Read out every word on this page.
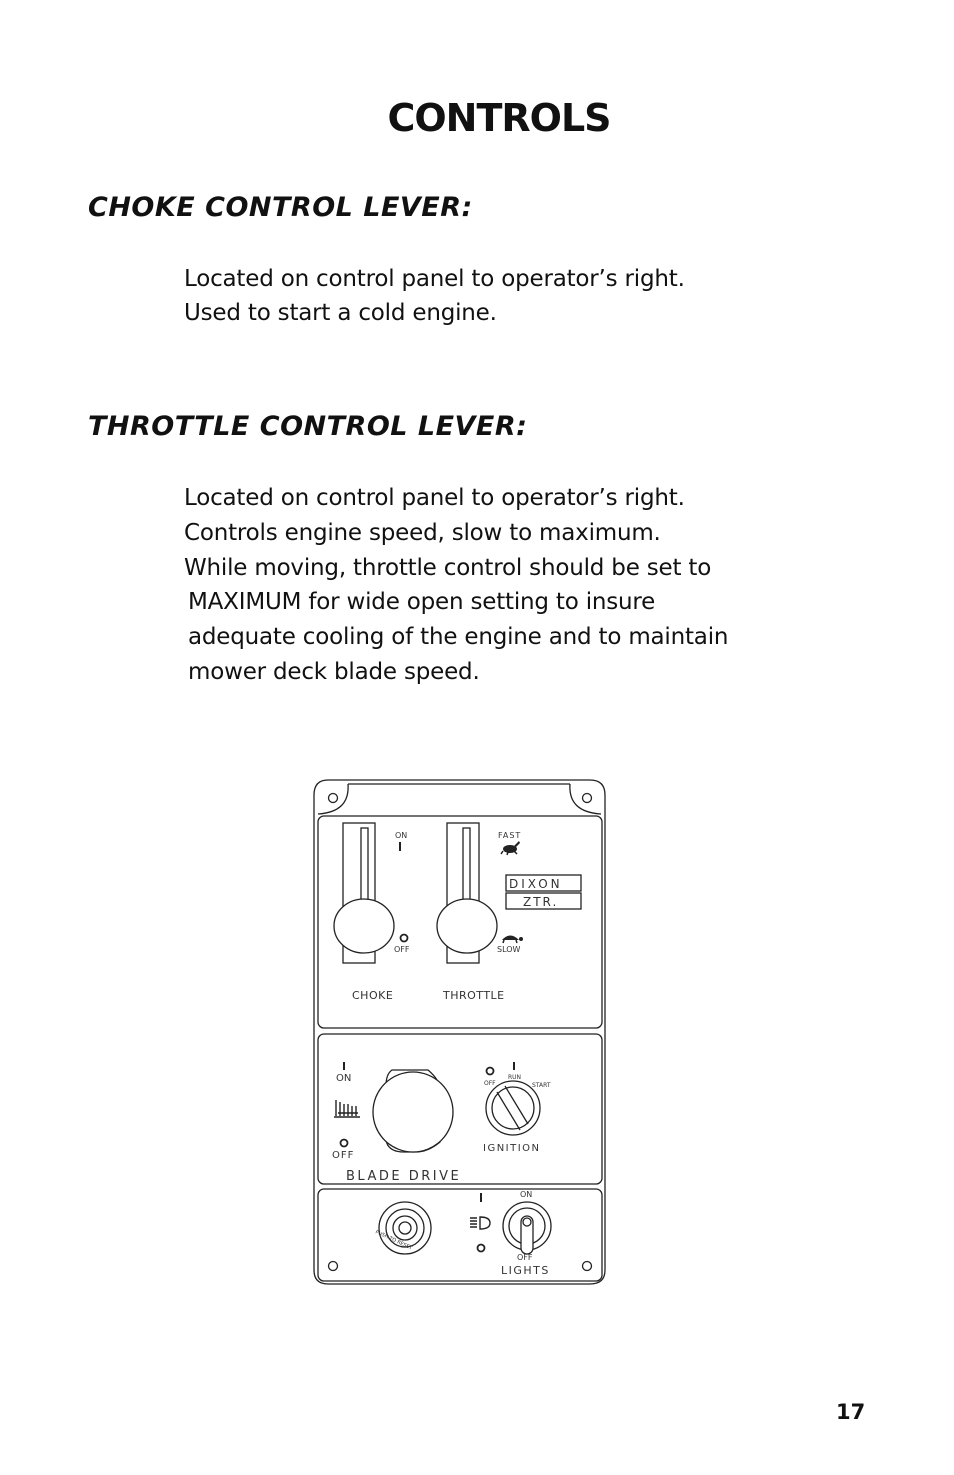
CONTROLS
CHOKE CONTROL LEVER:

Located on control panel to operator’s right.

Used to start a cold engine.

THROTTLE CONTROL LEVER:

Located on control panel to operator’s right.

Controls engine speed, slow to maximum.

While moving, throttle control should be set to

MAXIMUM for wide open setting to insure

adequate cooling of the engine and to maintain

mower deck blade speed.

ON
OFF
FAST
SLOW
DIXON
ZTR.
CHOKE	THROTTLE
ON
OFF
BLADE DRIVE
OFF
RUN
START
IGNITION
PUSH TO RESET
ON
OFF
LIGHTS

17
